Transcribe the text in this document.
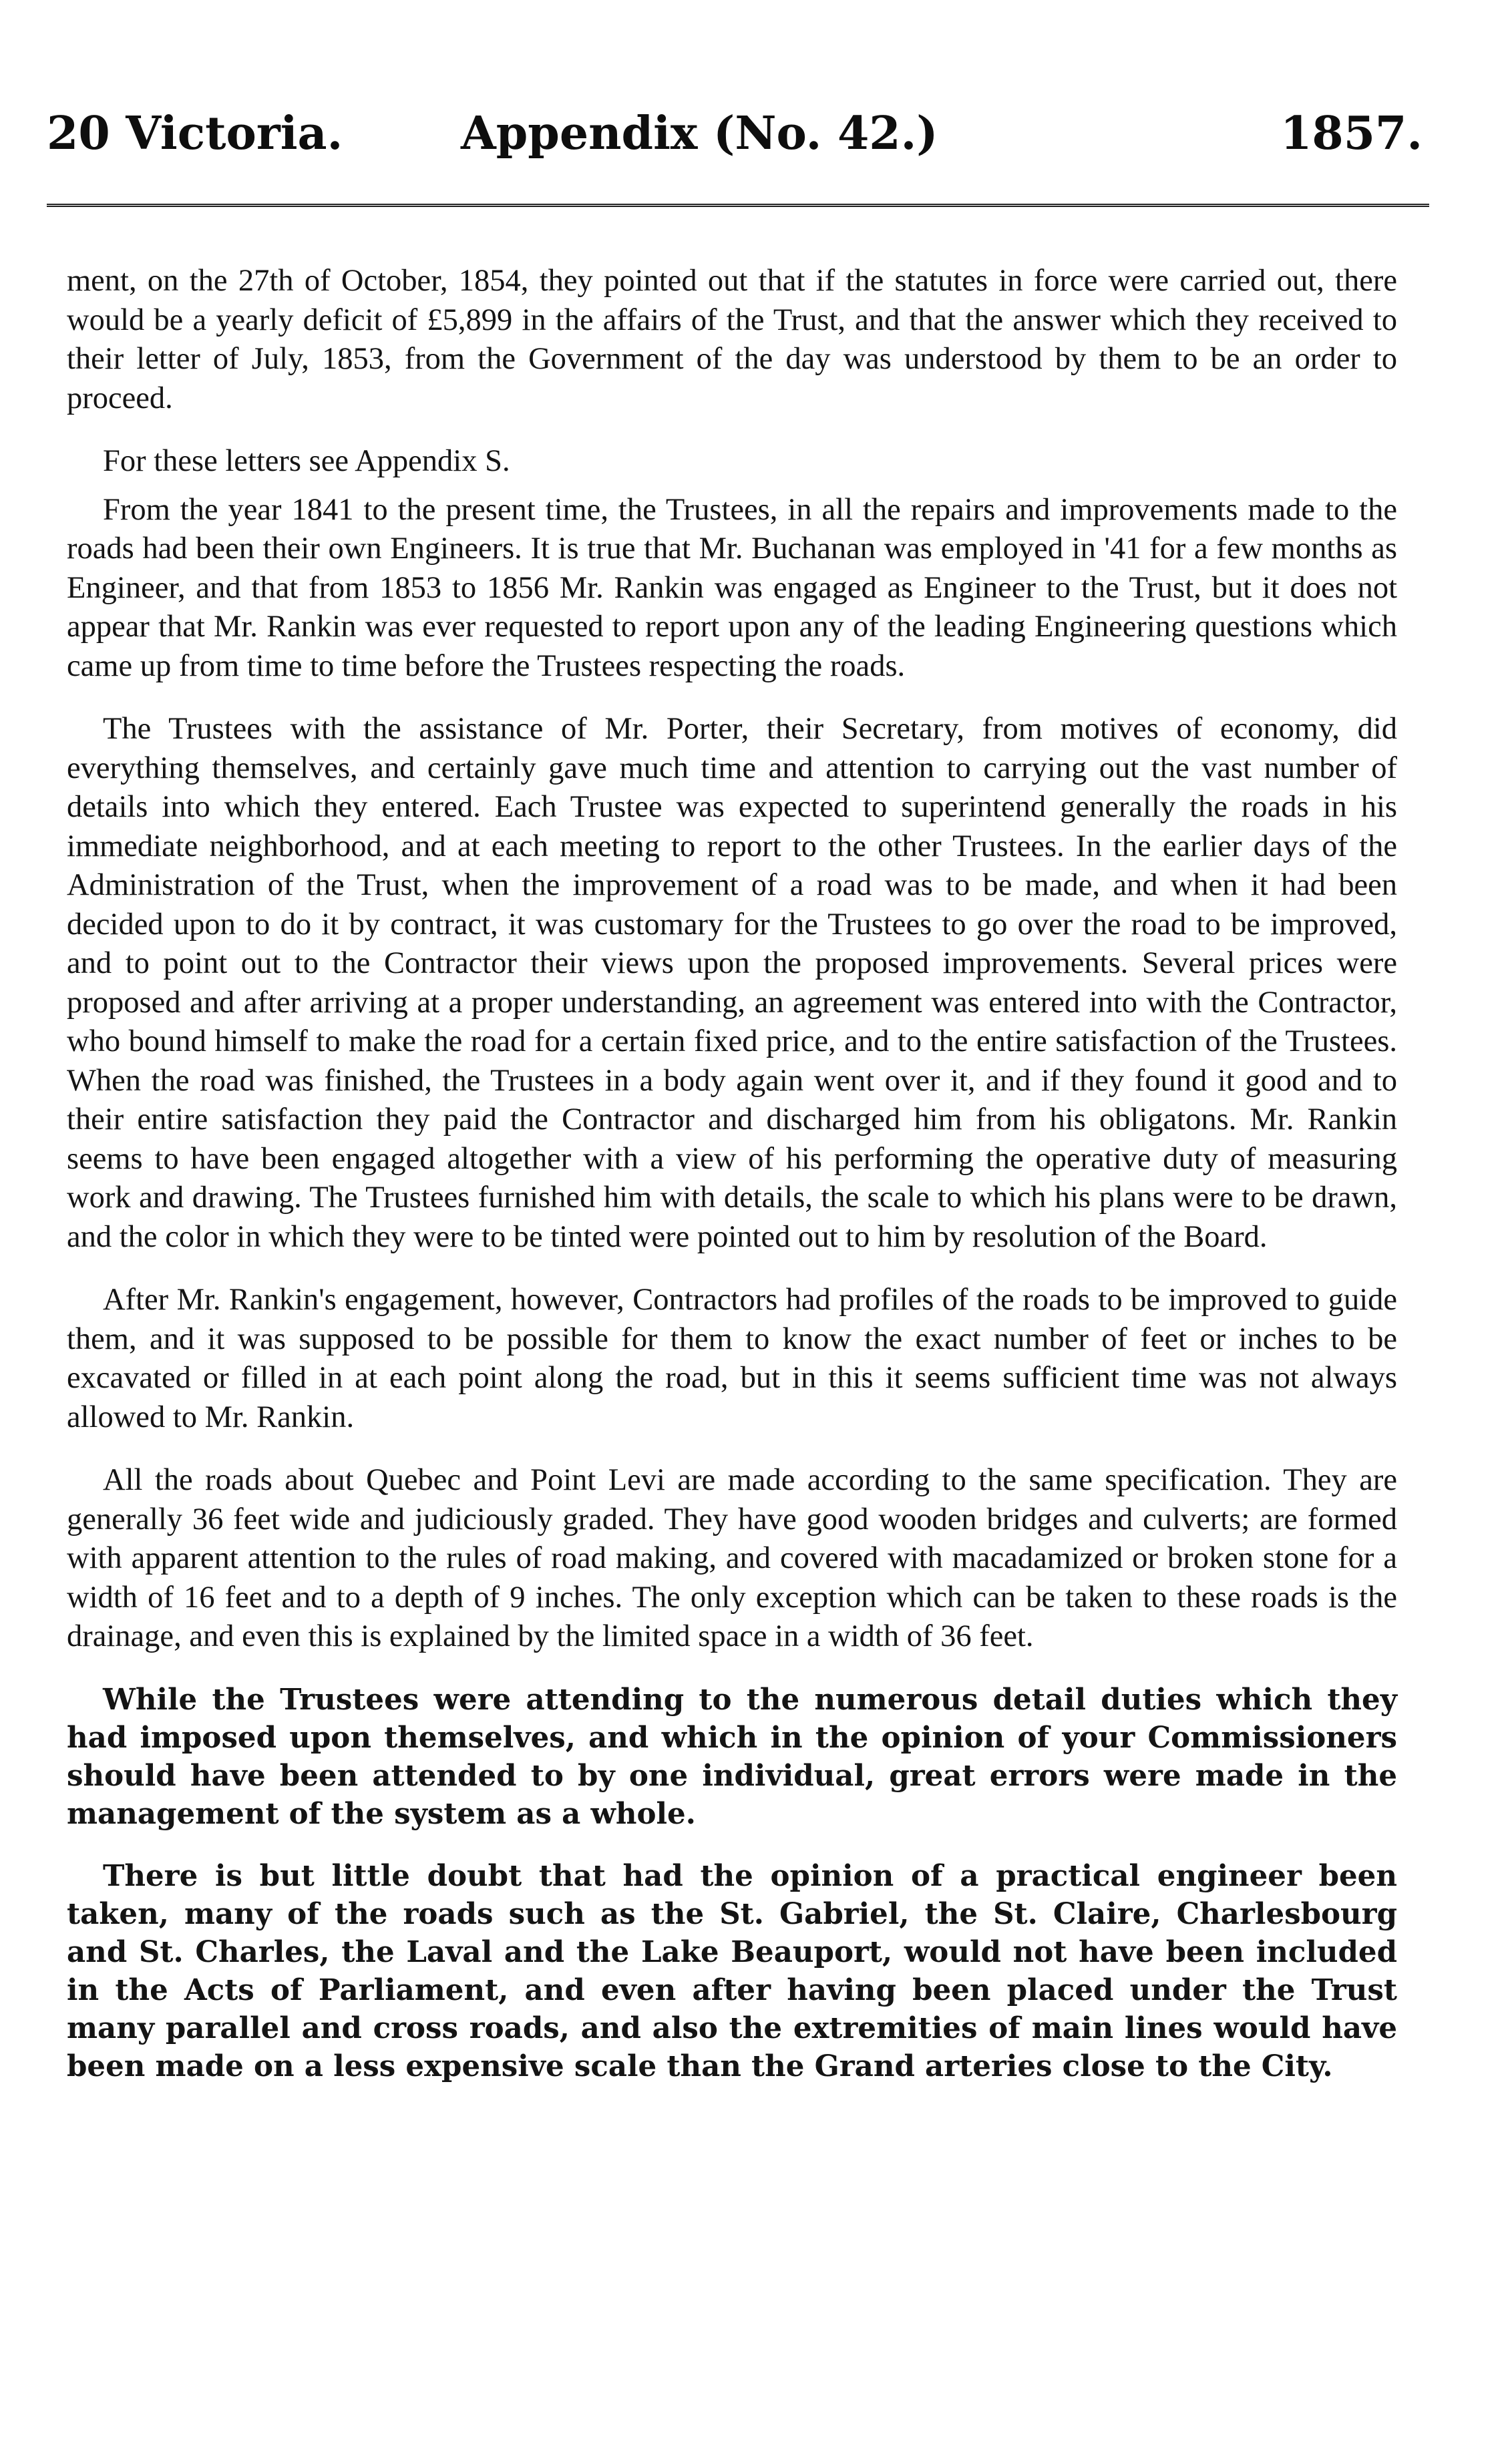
20 Victoria.	Appendix (No. 42.)	1857.

ment, on the 27th of October, 1854, they pointed out that if the statutes in force were carried out, there would be a yearly deficit of £5,899 in the affairs of the Trust, and that the answer which they received to their letter of July, 1853, from the Government of the day was understood by them to be an order to proceed.

For these letters see Appendix S.

From the year 1841 to the present time, the Trustees, in all the repairs and improvements made to the roads had been their own Engineers. It is true that Mr. Buchanan was employed in '41 for a few months as Engineer, and that from 1853 to 1856 Mr. Rankin was engaged as Engineer to the Trust, but it does not appear that Mr. Rankin was ever requested to report upon any of the leading Engineering questions which came up from time to time before the Trustees respecting the roads.

The Trustees with the assistance of Mr. Porter, their Secretary, from motives of economy, did everything themselves, and certainly gave much time and attention to carrying out the vast number of details into which they entered. Each Trustee was expected to superintend generally the roads in his immediate neighborhood, and at each meeting to report to the other Trustees. In the earlier days of the Administration of the Trust, when the improvement of a road was to be made, and when it had been decided upon to do it by contract, it was customary for the Trustees to go over the road to be improved, and to point out to the Contractor their views upon the proposed improvements. Several prices were proposed and after arriving at a proper understanding, an agreement was entered into with the Contractor, who bound himself to make the road for a certain fixed price, and to the entire satisfaction of the Trustees. When the road was finished, the Trustees in a body again went over it, and if they found it good and to their entire satisfaction they paid the Contractor and discharged him from his obligatons. Mr. Rankin seems to have been engaged altogether with a view of his performing the operative duty of measuring work and drawing. The Trustees furnished him with details, the scale to which his plans were to be drawn, and the color in which they were to be tinted were pointed out to him by resolution of the Board.

After Mr. Rankin's engagement, however, Contractors had profiles of the roads to be improved to guide them, and it was supposed to be possible for them to know the exact number of feet or inches to be excavated or filled in at each point along the road, but in this it seems sufficient time was not always allowed to Mr. Rankin.

All the roads about Quebec and Point Levi are made according to the same specification. They are generally 36 feet wide and judiciously graded. They have good wooden bridges and culverts; are formed with apparent attention to the rules of road making, and covered with macadamized or broken stone for a width of 16 feet and to a depth of 9 inches. The only exception which can be taken to these roads is the drainage, and even this is explained by the limited space in a width of 36 feet.

While the Trustees were attending to the numerous detail duties which they had imposed upon themselves, and which in the opinion of your Commissioners should have been attended to by one individual, great errors were made in the management of the system as a whole.

There is but little doubt that had the opinion of a practical engineer been taken, many of the roads such as the St. Gabriel, the St. Claire, Charlesbourg and St. Charles, the Laval and the Lake Beauport, would not have been included in the Acts of Parliament, and even after having been placed under the Trust many parallel and cross roads, and also the extremities of main lines would have been made on a less expensive scale than the Grand arteries close to the City.
